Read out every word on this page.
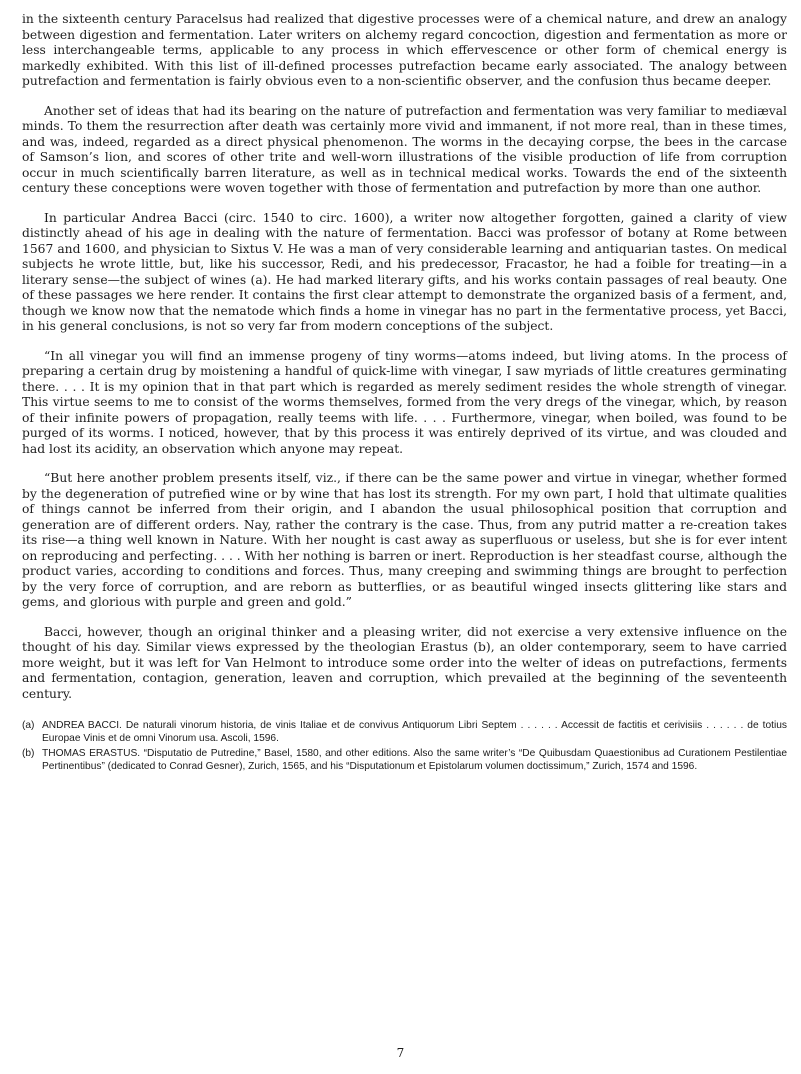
in the sixteenth century Paracelsus had realized that digestive processes were of a chemical nature, and drew an analogy between digestion and fermentation. Later writers on alchemy regard concoction, digestion and fermentation as more or less interchangeable terms, applicable to any process in which effervescence or other form of chemical energy is markedly exhibited. With this list of ill-defined processes putrefaction became early associated. The analogy between putrefaction and fermentation is fairly obvious even to a non-scientific observer, and the confusion thus became deeper.

Another set of ideas that had its bearing on the nature of putrefaction and fermentation was very familiar to mediæval minds. To them the resurrection after death was certainly more vivid and immanent, if not more real, than in these times, and was, indeed, regarded as a direct physical phenomenon. The worms in the decaying corpse, the bees in the carcase of Samson’s lion, and scores of other trite and well-worn illustrations of the visible production of life from corruption occur in much scientifically barren literature, as well as in technical medical works. Towards the end of the sixteenth century these conceptions were woven together with those of fermentation and putrefaction by more than one author.

In particular Andrea Bacci (circ. 1540 to circ. 1600), a writer now altogether forgotten, gained a clarity of view distinctly ahead of his age in dealing with the nature of fermentation. Bacci was professor of botany at Rome between 1567 and 1600, and physician to Sixtus V. He was a man of very considerable learning and antiquarian tastes. On medical subjects he wrote little, but, like his successor, Redi, and his predecessor, Fracastor, he had a foible for treating—in a literary sense—the subject of wines (a). He had marked literary gifts, and his works contain passages of real beauty. One of these passages we here render. It contains the first clear attempt to demonstrate the organized basis of a ferment, and, though we know now that the nematode which finds a home in vinegar has no part in the fermentative process, yet Bacci, in his general conclusions, is not so very far from modern conceptions of the subject.

“In all vinegar you will find an immense progeny of tiny worms—atoms indeed, but living atoms. In the process of preparing a certain drug by moistening a handful of quick-lime with vinegar, I saw myriads of little creatures germinating there. . . . It is my opinion that in that part which is regarded as merely sediment resides the whole strength of vinegar. This virtue seems to me to consist of the worms themselves, formed from the very dregs of the vinegar, which, by reason of their infinite powers of propagation, really teems with life. . . . Furthermore, vinegar, when boiled, was found to be purged of its worms. I noticed, however, that by this process it was entirely deprived of its virtue, and was clouded and had lost its acidity, an observation which anyone may repeat.

“But here another problem presents itself, viz., if there can be the same power and virtue in vinegar, whether formed by the degeneration of putrefied wine or by wine that has lost its strength. For my own part, I hold that ultimate qualities of things cannot be inferred from their origin, and I abandon the usual philosophical position that corruption and generation are of different orders. Nay, rather the contrary is the case. Thus, from any putrid matter a re-creation takes its rise—a thing well known in Nature. With her nought is cast away as superfluous or useless, but she is for ever intent on reproducing and perfecting. . . . With her nothing is barren or inert. Reproduction is her steadfast course, although the product varies, according to conditions and forces. Thus, many creeping and swimming things are brought to perfection by the very force of corruption, and are reborn as butterflies, or as beautiful winged insects glittering like stars and gems, and glorious with purple and green and gold.”

Bacci, however, though an original thinker and a pleasing writer, did not exercise a very extensive influence on the thought of his day. Similar views expressed by the theologian Erastus (b), an older contemporary, seem to have carried more weight, but it was left for Van Helmont to introduce some order into the welter of ideas on putrefactions, ferments and fermentation, contagion, generation, leaven and corruption, which prevailed at the beginning of the seventeenth century.

(a) ANDREA BACCI. De naturali vinorum historia, de vinis Italiae et de convivus Antiquorum Libri Septem . . . . . . Accessit de factitis et cerivisiis . . . . . . de totius Europae Vinis et de omni Vinorum usa. Ascoli, 1596.
(b) THOMAS ERASTUS. “Disputatio de Putredine,” Basel, 1580, and other editions. Also the same writer’s “De Quibusdam Quaestionibus ad Curationem Pestilentiae Pertinentibus” (dedicated to Conrad Gesner), Zurich, 1565, and his “Disputationum et Epistolarum volumen doctissimum,” Zurich, 1574 and 1596.
7
